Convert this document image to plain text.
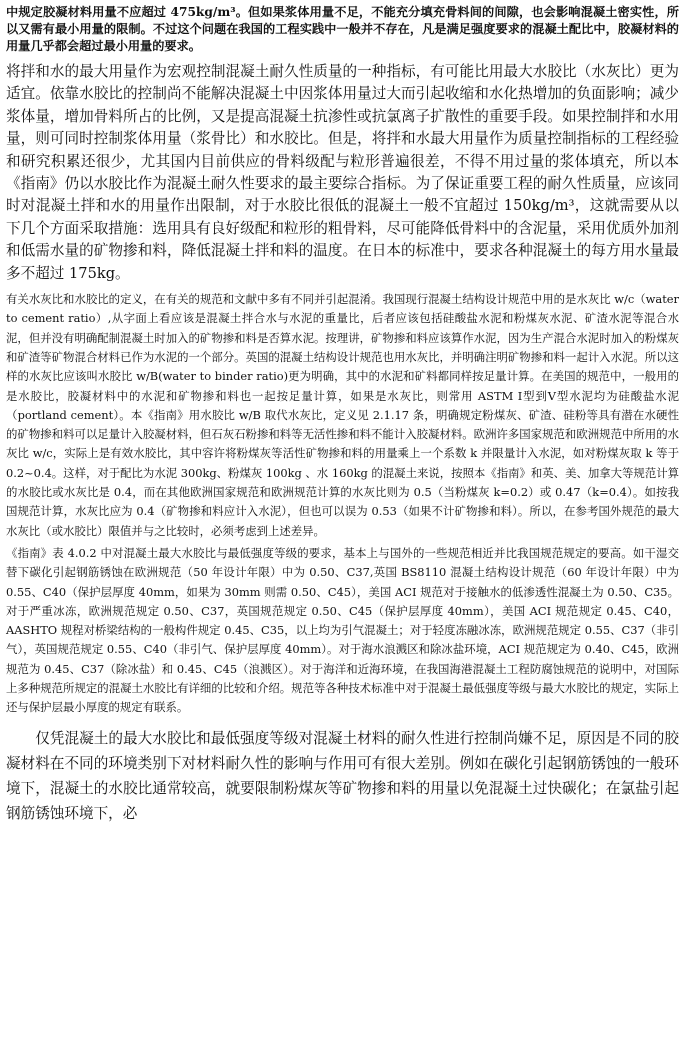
中规定胶凝材料用量不应超过 475kg/m³。但如果浆体用量不足，不能充分填充骨料间的间隙，也会影响混凝土密实性，所以又需有最小用量的限制。不过这个问题在我国的工程实践中一般并不存在，凡是满足强度要求的混凝土配比中，胶凝材料的用量几乎都会超过最小用量的要求。

将拌和水的最大用量作为宏观控制混凝土耐久性质量的一种指标，有可能比用最大水胶比（水灰比）更为适宜。依靠水胶比的控制尚不能解决混凝土中因浆体用量过大而引起收缩和水化热增加的负面影响；减少浆体量，增加骨料所占的比例，又是提高混凝土抗渗性或抗氯离子扩散性的重要手段。如果控制拌和水用量，则可同时控制浆体用量（浆骨比）和水胶比。但是，将拌和水最大用量作为质量控制指标的工程经验和研究积累还很少，尤其国内目前供应的骨料级配与粒形普遍很差，不得不用过量的浆体填充，所以本《指南》仍以水胶比作为混凝土耐久性要求的最主要综合指标。为了保证重要工程的耐久性质量，应该同时对混凝土拌和水的用量作出限制，对于水胶比很低的混凝土一般不宜超过 150kg/m³，这就需要从以下几个方面采取措施：选用具有良好级配和粒形的粗骨料，尽可能降低骨料中的含泥量，采用优质外加剂和低需水量的矿物掺和料，降低混凝土拌和料的温度。在日本的标准中，要求各种混凝土的每方用水量最多不超过 175kg。

有关水灰比和水胶比的定义，在有关的规范和文献中多有不同并引起混淆。我国现行混凝土结构设计规范中用的是水灰比 w/c（water to cement ratio）,从字面上看应该是混凝土拌合水与水泥的重量比，后者应该包括硅酸盐水泥和粉煤灰水泥、矿渣水泥等混合水泥，但并没有明确配制混凝土时加入的矿物掺和料是否算水泥。按理讲，矿物掺和料应该算作水泥，因为生产混合水泥时加入的粉煤灰和矿渣等矿物混合材料已作为水泥的一个部分。英国的混凝土结构设计规范也用水灰比，并明确注明矿物掺和料一起计入水泥。所以这样的水灰比应该叫水胶比 w/B(water to binder ratio)更为明确，其中的水泥和矿料都同样按足量计算。在美国的规范中，一般用的是水胶比，胶凝材料中的水泥和矿物掺和料也一起按足量计算，如果是水灰比，则常用 ASTM Ⅰ型到Ⅴ型水泥均为硅酸盐水泥（portland cement）。本《指南》用水胶比 w/B 取代水灰比，定义见 2.1.17 条，明确规定粉煤灰、矿渣、硅粉等具有潜在水硬性的矿物掺和料可以足量计入胶凝材料，但石灰石粉掺和料等无活性掺和料不能计入胶凝材料。欧洲许多国家规范和欧洲规范中所用的水灰比 w/c，实际上是有效水胶比，其中容许将粉煤灰等活性矿物掺和料的用量乘上一个系数 k 并限量计入水泥，如对粉煤灰取 k 等于 0.2~0.4。这样，对于配比为水泥 300kg、粉煤灰 100kg 、水 160kg 的混凝土来说，按照本《指南》和英、美、加拿大等规范计算的水胶比或水灰比是 0.4，而在其他欧洲国家规范和欧洲规范计算的水灰比则为 0.5（当粉煤灰 k=0.2）或 0.47（k=0.4）。如按我国规范计算，水灰比应为 0.4（矿物掺和料应计入水泥），但也可以误为 0.53（如果不计矿物掺和料）。所以，在参考国外规范的最大水灰比（或水胶比）限值并与之比较时，必须考虑到上述差异。

《指南》表 4.0.2 中对混凝土最大水胶比与最低强度等级的要求，基本上与国外的一些规范相近并比我国规范规定的要高。如干湿交替下碳化引起钢筋锈蚀在欧洲规范（50 年设计年限）中为 0.50、C37,英国 BS8110 混凝土结构设计规范（60 年设计年限）中为 0.55、C40（保护层厚度 40mm，如果为 30mm 则需 0.50、C45），美国 ACI 规范对于接触水的低渗透性混凝土为 0.50、C35。对于严重冰冻，欧洲规范规定 0.50、C37，英国规范规定 0.50、C45（保护层厚度 40mm），美国 ACI 规范规定 0.45、C40，AASHTO 规程对桥梁结构的一般构件规定 0.45、C35，以上均为引气混凝土；对于轻度冻融冰冻，欧洲规范规定 0.55、C37（非引气），英国规范规定 0.55、C40（非引气、保护层厚度 40mm）。对于海水浪溅区和除冰盐环境，ACI 规范规定为 0.40、C45，欧洲规范为 0.45、C37（除冰盐）和 0.45、C45（浪溅区）。对于海洋和近海环境，在我国海港混凝土工程防腐蚀规范的说明中，对国际上多种规范所规定的混凝土水胶比有详细的比较和介绍。规范等各种技术标准中对于混凝土最低强度等级与最大水胶比的规定，实际上还与保护层最小厚度的规定有联系。

仅凭混凝土的最大水胶比和最低强度等级对混凝土材料的耐久性进行控制尚嫌不足，原因是不同的胶凝材料在不同的环境类别下对材料耐久性的影响与作用可有很大差别。例如在碳化引起钢筋锈蚀的一般环境下，混凝土的水胶比通常较高，就要限制粉煤灰等矿物掺和料的用量以免混凝土过快碳化；在氯盐引起钢筋锈蚀环境下，必
